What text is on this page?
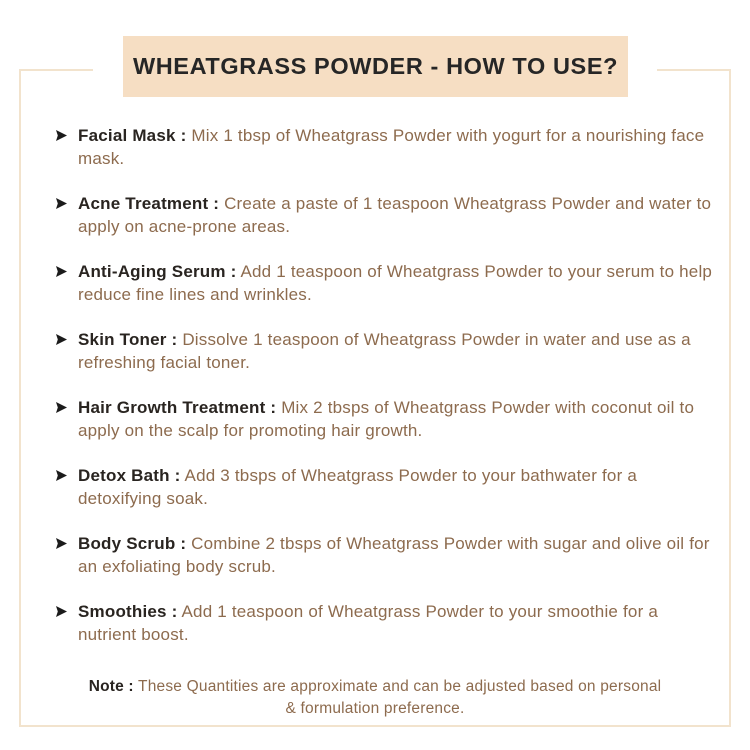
WHEATGRASS POWDER - HOW TO USE?

Facial Mask : Mix 1 tbsp of Wheatgrass Powder with yogurt for a nourishing face mask.

Acne Treatment : Create a paste of 1 teaspoon Wheatgrass Powder and water to apply on acne-prone areas.

Anti-Aging Serum : Add 1 teaspoon of Wheatgrass Powder to your serum to help reduce fine lines and wrinkles.

Skin Toner : Dissolve 1 teaspoon of Wheatgrass Powder in water and use as a refreshing facial toner.

Hair Growth Treatment : Mix 2 tbsps of Wheatgrass Powder with coconut oil to apply on the scalp for promoting hair growth.

Detox Bath : Add 3 tbsps of Wheatgrass Powder to your bathwater for a detoxifying soak.

Body Scrub : Combine 2 tbsps of Wheatgrass Powder with sugar and olive oil for an exfoliating body scrub.

Smoothies : Add 1 teaspoon of Wheatgrass Powder to your smoothie for a nutrient boost.

Note : These Quantities are approximate and can be adjusted based on personal & formulation preference.
